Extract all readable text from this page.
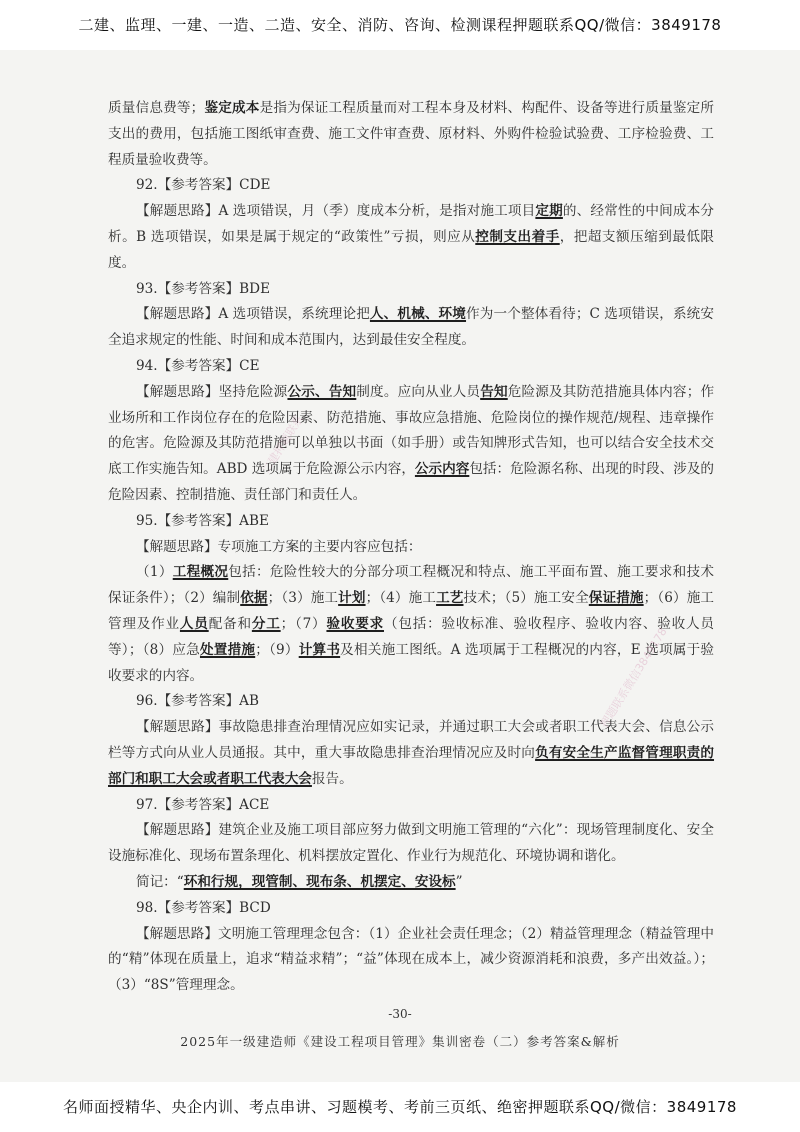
二建、监理、一建、一造、二造、安全、消防、咨询、检测课程押题联系QQ/微信：3849178
质量信息费等；鉴定成本是指为保证工程质量而对工程本身及材料、构配件、设备等进行质量鉴定所支出的费用，包括施工图纸审查费、施工文件审查费、原材料、外购件检验试验费、工序检验费、工程质量验收费等。
92.【参考答案】CDE
【解题思路】A 选项错误，月（季）度成本分析，是指对施工项目定期的、经常性的中间成本分析。B 选项错误，如果是属于规定的“政策性”亏损，则应从控制支出着手，把超支额压缩到最低限度。
93.【参考答案】BDE
【解题思路】A 选项错误，系统理论把人、机械、环境作为一个整体看待；C 选项错误，系统安全追求规定的性能、时间和成本范围内，达到最佳安全程度。
94.【参考答案】CE
【解题思路】坚持危险源公示、告知制度。应向从业人员告知危险源及其防范措施具体内容；作业场所和工作岗位存在的危险因素、防范措施、事故应急措施、危险岗位的操作规范/规程、违章操作的危害。危险源及其防范措施可以单独以书面（如手册）或告知牌形式告知，也可以结合安全技术交底工作实施告知。ABD 选项属于危险源公示内容，公示内容包括：危险源名称、出现的时段、涉及的危险因素、控制措施、责任部门和责任人。
95.【参考答案】ABE
【解题思路】专项施工方案的主要内容应包括：
（1）工程概况包括：危险性较大的分部分项工程概况和特点、施工平面布置、施工要求和技术保证条件）；（2）编制依据；（3）施工计划；（4）施工工艺技术；（5）施工安全保证措施；（6）施工管理及作业人员配备和分工；（7）验收要求（包括：验收标准、验收程序、验收内容、验收人员等）；（8）应急处置措施；（9）计算书及相关施工图纸。A 选项属于工程概况的内容，E 选项属于验收要求的内容。
96.【参考答案】AB
【解题思路】事故隐患排查治理情况应如实记录，并通过职工大会或者职工代表大会、信息公示栏等方式向从业人员通报。其中，重大事故隐患排查治理情况应及时向负有安全生产监督管理职责的部门和职工大会或者职工代表大会报告。
97.【参考答案】ACE
【解题思路】建筑企业及施工项目部应努力做到文明施工管理的“六化”：现场管理制度化、安全设施标准化、现场布置条理化、机料摆放定置化、作业行为规范化、环境协调和谐化。
简记：“环和行规，现管制、现布条、机摆定、安设标”
98.【参考答案】BCD
【解题思路】文明施工管理理念包含：（1）企业社会责任理念；（2）精益管理理念（精益管理中的“精”体现在质量上，追求“精益求精”；“益”体现在成本上，减少资源消耗和浪费，多产出效益。）；（3）“8S”管理理念。
二建押题联系
押题联系微信3849178
-30-
2025年一级建造师《建设工程项目管理》集训密卷（二）参考答案&解析
名师面授精华、央企内训、考点串讲、习题模考、考前三页纸、绝密押题联系QQ/微信：3849178
